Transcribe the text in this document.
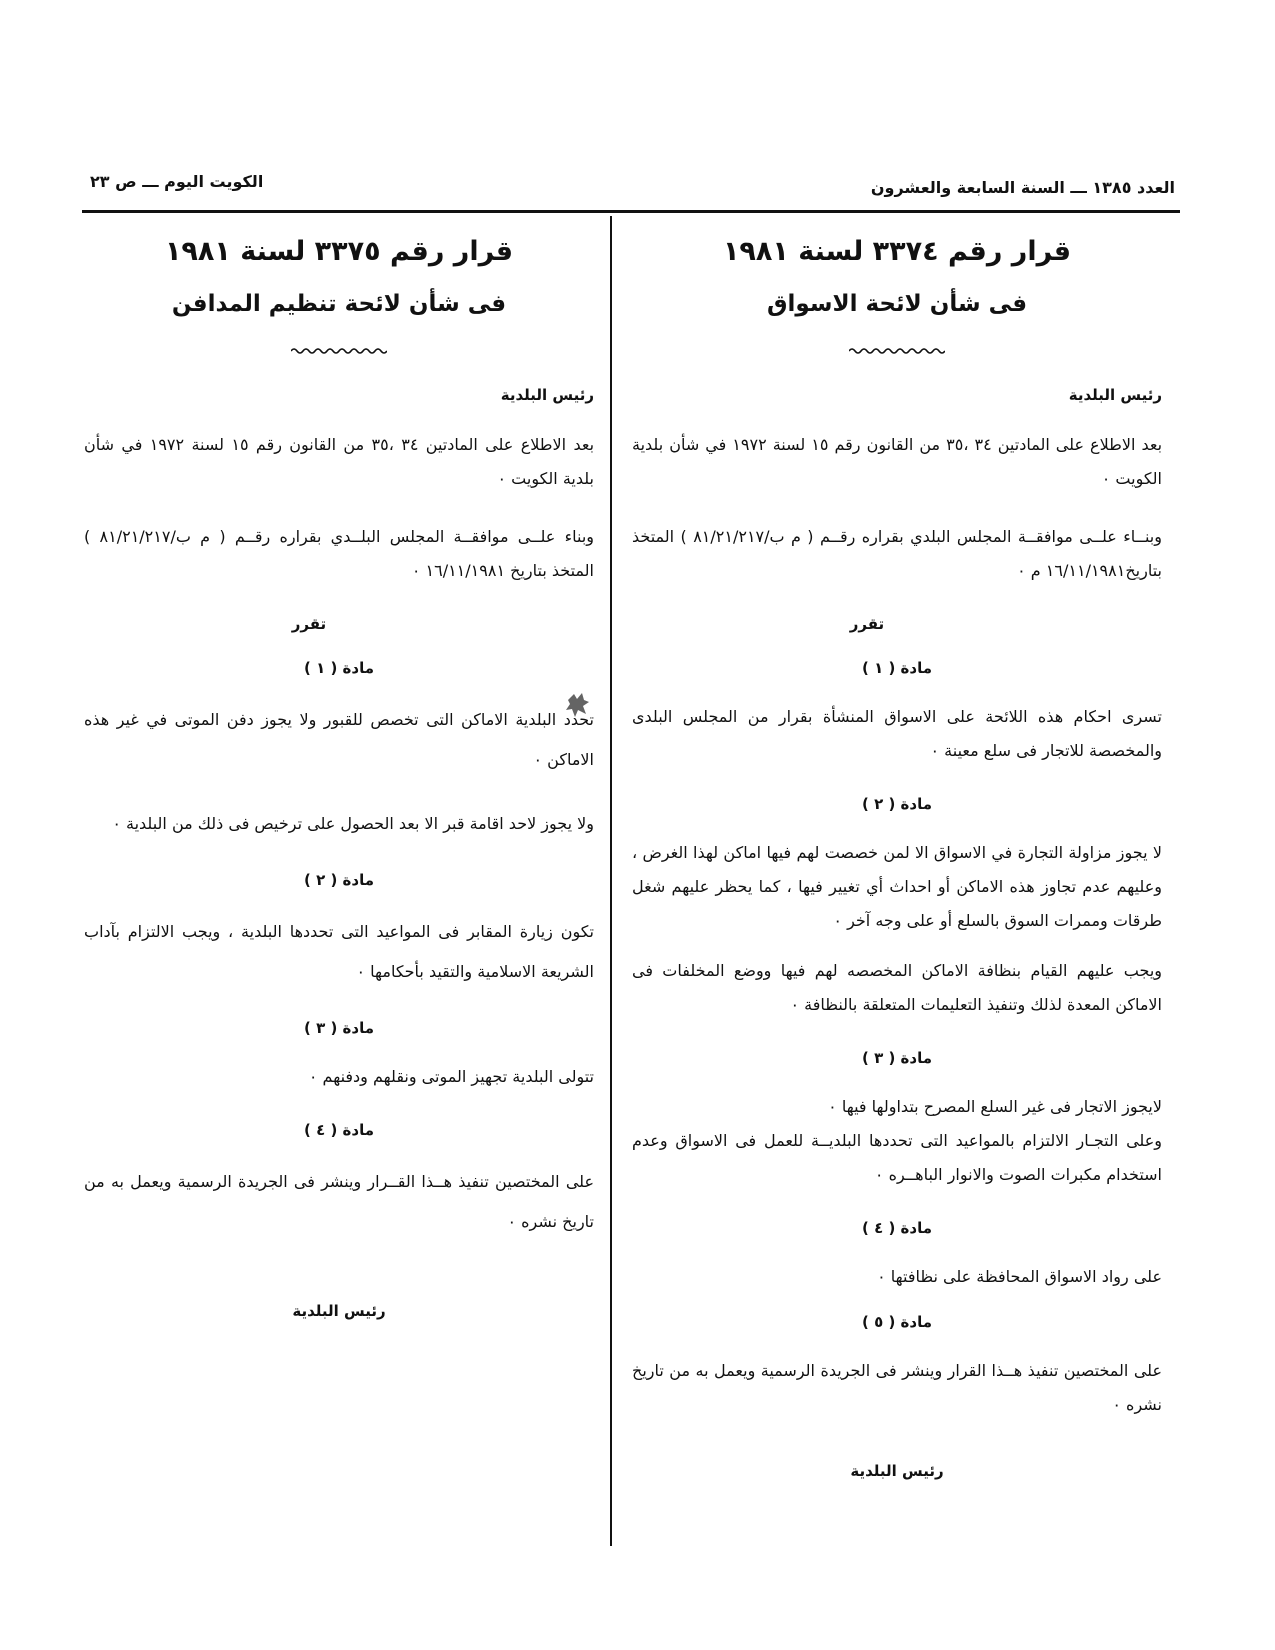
العدد ١٣٨٥ ـــ السنة السابعة والعشرون
الكويت اليوم ـــ ص ٢٣
قرار رقم ٣٣٧٤ لسنة ١٩٨١
فى شأن لائحة الاسواق
رئيس البلدية

بعد الاطلاع على المادتين ٣٤ ،٣٥ من القانون رقم ١٥ لسنة ١٩٧٢ في شأن بلدية الكويت ٠

وبنــاء علــى موافقــة المجلس البلدي بقراره رقــم ( م ب/٨١/٢١/٢١٧ ) المتخذ بتاريخ١٦/١١/١٩٨١ م ٠

تقرر
مادة ( ١ )

تسرى احكام هذه اللائحة على الاسواق المنشأة بقرار من المجلس البلدى والمخصصة للاتجار فى سلع معينة ٠

مادة ( ٢ )

لا يجوز مزاولة التجارة في الاسواق الا لمن خصصت لهم فيها اماكن لهذا الغرض ، وعليهم عدم تجاوز هذه الاماكن أو احداث أي تغيير فيها ، كما يحظر عليهم شغل طرقات وممرات السوق بالسلع أو على وجه آخر ٠

ويجب عليهم القيام بنظافة الاماكن المخصصه لهم فيها ووضع المخلفات فى الاماكن المعدة لذلك وتنفيذ التعليمات المتعلقة بالنظافة ٠

مادة ( ٣ )

لايجوز الاتجار فى غير السلع المصرح بتداولها فيها ٠

وعلى التجـار الالتزام بالمواعيد التى تحددها البلديــة للعمل فى الاسواق وعدم استخدام مكبرات الصوت والانوار الباهــره ٠

مادة ( ٤ )

على رواد الاسواق المحافظة على نظافتها ٠

مادة ( ٥ )

على المختصين تنفيذ هــذا القرار وينشر فى الجريدة الرسمية ويعمل به من تاريخ نشره ٠

رئيس البلدية
قرار رقم ٣٣٧٥ لسنة ١٩٨١
فى شأن لائحة تنظيم المدافن
رئيس البلدية

بعد الاطلاع على المادتين ٣٤ ،٣٥ من القانون رقم ١٥ لسنة ١٩٧٢ في شأن بلدية الكويت ٠

وبناء علــى موافقــة المجلس البلــدي بقراره رقــم ( م ب/٨١/٢١/٢١٧ ) المتخذ بتاريخ ١٦/١١/١٩٨١ ٠

تقرر
مادة ( ١ )

تحدد البلدية الاماكن التى تخصص للقبور ولا يجوز دفن الموتى في غير هذه الاماكن ٠

ولا يجوز لاحد اقامة قبر الا بعد الحصول على ترخيص فى ذلك من البلدية ٠

مادة ( ٢ )

تكون زيارة المقابر فى المواعيد التى تحددها البلدية ، ويجب الالتزام بآداب الشريعة الاسلامية والتقيد بأحكامها ٠

مادة ( ٣ )

تتولى البلدية تجهيز الموتى ونقلهم ودفنهم ٠

مادة ( ٤ )

على المختصين تنفيذ هــذا القــرار وينشر فى الجريدة الرسمية ويعمل به من تاريخ نشره ٠

رئيس البلدية
